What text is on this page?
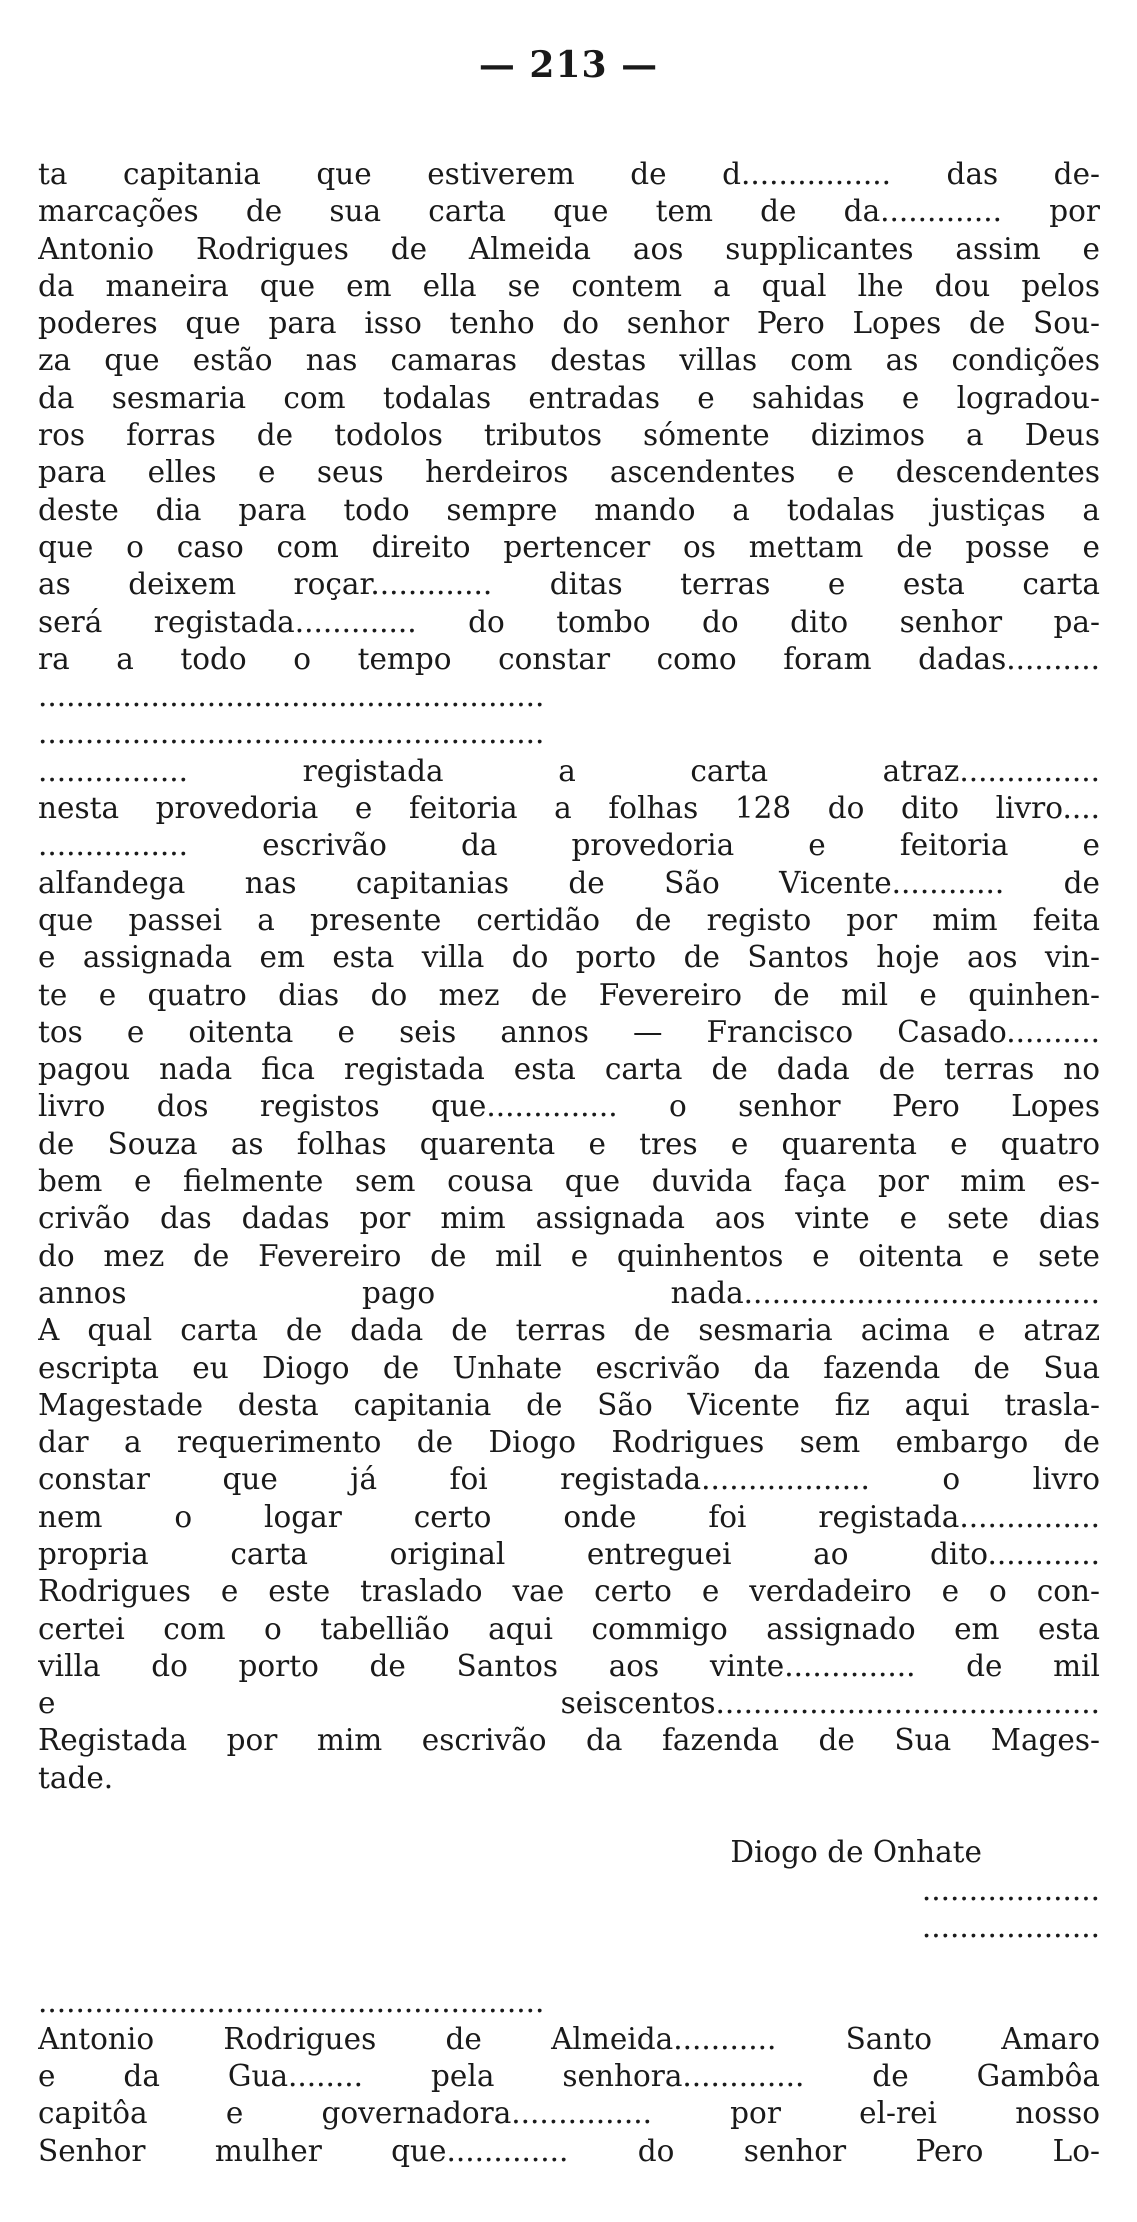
— 213 —
ta capitania que estiverem de d................ das de-
marcações de sua carta que tem de da............. por
Antonio Rodrigues de Almeida aos supplicantes assim e
da maneira que em ella se contem a qual lhe dou pelos
poderes que para isso tenho do senhor Pero Lopes de Sou-
za que estão nas camaras destas villas com as condições
da sesmaria com todalas entradas e sahidas e logradou-
ros forras de todolos tributos sómente dizimos a Deus
para elles e seus herdeiros ascendentes e descendentes
deste dia para todo sempre mando a todalas justiças a
que o caso com direito pertencer os mettam de posse e
as deixem roçar............. ditas terras e esta carta
será registada............. do tombo do dito senhor pa-
ra a todo o tempo constar como foram dadas..........
......................................................
......................................................
................ registada a carta atraz...............
nesta provedoria e feitoria a folhas 128 do dito livro....
................ escrivão da provedoria e feitoria e
alfandega nas capitanias de São Vicente............ de
que passei a presente certidão de registo por mim feita
e assignada em esta villa do porto de Santos hoje aos vin-
te e quatro dias do mez de Fevereiro de mil e quinhen-
tos e oitenta e seis annos — Francisco Casado..........
pagou nada fica registada esta carta de dada de terras no
livro dos registos que.............. o senhor Pero Lopes
de Souza as folhas quarenta e tres e quarenta e quatro
bem e fielmente sem cousa que duvida faça por mim es-
crivão das dadas por mim assignada aos vinte e sete dias
do mez de Fevereiro de mil e quinhentos e oitenta e sete
annos pago nada......................................
A qual carta de dada de terras de sesmaria acima e atraz
escripta eu Diogo de Unhate escrivão da fazenda de Sua
Magestade desta capitania de São Vicente fiz aqui trasla-
dar a requerimento de Diogo Rodrigues sem embargo de
constar que já foi registada.................. o livro
nem o logar certo onde foi registada...............
propria carta original entreguei ao dito............
Rodrigues e este traslado vae certo e verdadeiro e o con-
certei com o tabellião aqui commigo assignado em esta
villa do porto de Santos aos vinte.............. de mil
e seiscentos.........................................
Registada por mim escrivão da fazenda de Sua Mages-
tade.
Diogo de Onhate
...................
...................
......................................................
Antonio Rodrigues de Almeida........... Santo Amaro
e da Gua........ pela senhora............. de Gambôa
capitôa e governadora............... por el-rei nosso
Senhor mulher que............. do senhor Pero Lo-
